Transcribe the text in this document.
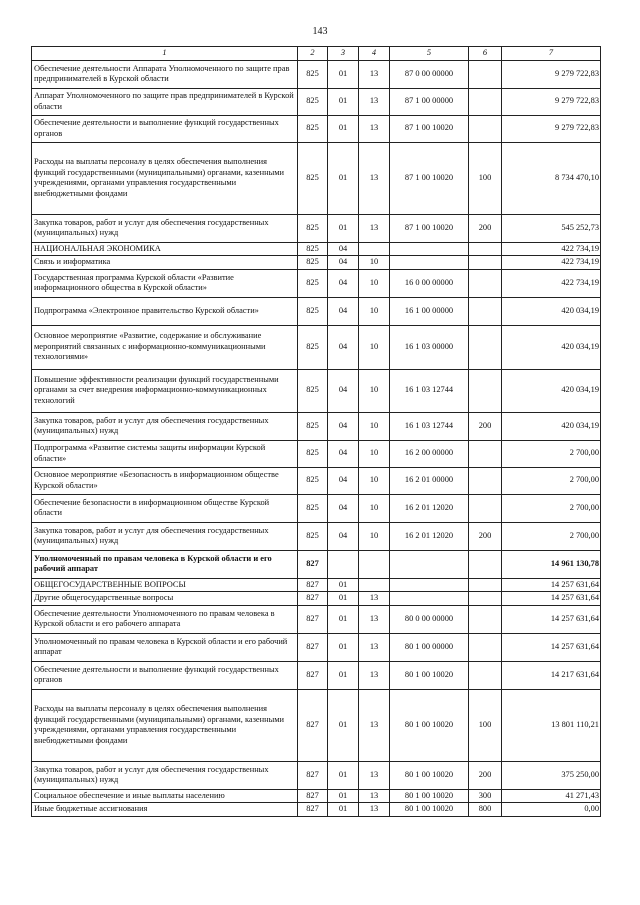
143
1	2	3	4	5	6	7
Обеспечение деятельности Аппарата Уполномоченного по защите прав предпринимателей в Курской области	825	01	13	87 0 00 00000		9 279 722,83
Аппарат Уполномоченного по защите прав предпринимателей в Курской области	825	01	13	87 1 00 00000		9 279 722,83
Обеспечение деятельности и выполнение функций государственных органов	825	01	13	87 1 00 10020		9 279 722,83
Расходы на выплаты персоналу в целях обеспечения выполнения функций государственными (муниципальными) органами, казенными учреждениями, органами управления государственными внебюджетными фондами	825	01	13	87 1 00 10020	100	8 734 470,10
Закупка товаров, работ и услуг для обеспечения государственных (муниципальных) нужд	825	01	13	87 1 00 10020	200	545 252,73
НАЦИОНАЛЬНАЯ ЭКОНОМИКА	825	04				422 734,19
Связь и информатика	825	04	10			422 734,19
Государственная программа Курской области «Развитие информационного общества в Курской области»	825	04	10	16 0 00 00000		422 734,19
Подпрограмма «Электронное правительство Курской области»	825	04	10	16 1 00 00000		420 034,19
Основное мероприятие «Развитие, содержание и обслуживание мероприятий связанных с информационно-коммуникационными технологиями»	825	04	10	16 1 03 00000		420 034,19
Повышение эффективности реализации функций государственными органами за счет внедрения информационно-коммуникационных технологий	825	04	10	16 1 03 12744		420 034,19
Закупка товаров, работ и услуг для обеспечения государственных (муниципальных) нужд	825	04	10	16 1 03 12744	200	420 034,19
Подпрограмма «Развитие системы защиты информации Курской области»	825	04	10	16 2 00 00000		2 700,00
Основное мероприятие «Безопасность в информационном обществе Курской области»	825	04	10	16 2 01 00000		2 700,00
Обеспечение безопасности в информационном обществе Курской области	825	04	10	16 2 01 12020		2 700,00
Закупка товаров, работ и услуг для обеспечения государственных (муниципальных) нужд	825	04	10	16 2 01 12020	200	2 700,00
Уполномоченный по правам человека в Курской области и его рабочий аппарат	827					14 961 130,78
ОБЩЕГОСУДАРСТВЕННЫЕ ВОПРОСЫ	827	01				14 257 631,64
Другие общегосударственные вопросы	827	01	13			14 257 631,64
Обеспечение деятельности Уполномоченного по правам человека в Курской области и его рабочего аппарата	827	01	13	80 0 00 00000		14 257 631,64
Уполномоченный по правам человека в Курской области и его рабочий аппарат	827	01	13	80 1 00 00000		14 257 631,64
Обеспечение деятельности и выполнение функций государственных органов	827	01	13	80 1 00 10020		14 217 631,64
Расходы на выплаты персоналу в целях обеспечения выполнения функций государственными (муниципальными) органами, казенными учреждениями, органами управления государственными внебюджетными фондами	827	01	13	80 1 00 10020	100	13 801 110,21
Закупка товаров, работ и услуг для обеспечения государственных (муниципальных) нужд	827	01	13	80 1 00 10020	200	375 250,00
Социальное обеспечение и иные выплаты населению	827	01	13	80 1 00 10020	300	41 271,43
Иные бюджетные ассигнования	827	01	13	80 1 00 10020	800	0,00
